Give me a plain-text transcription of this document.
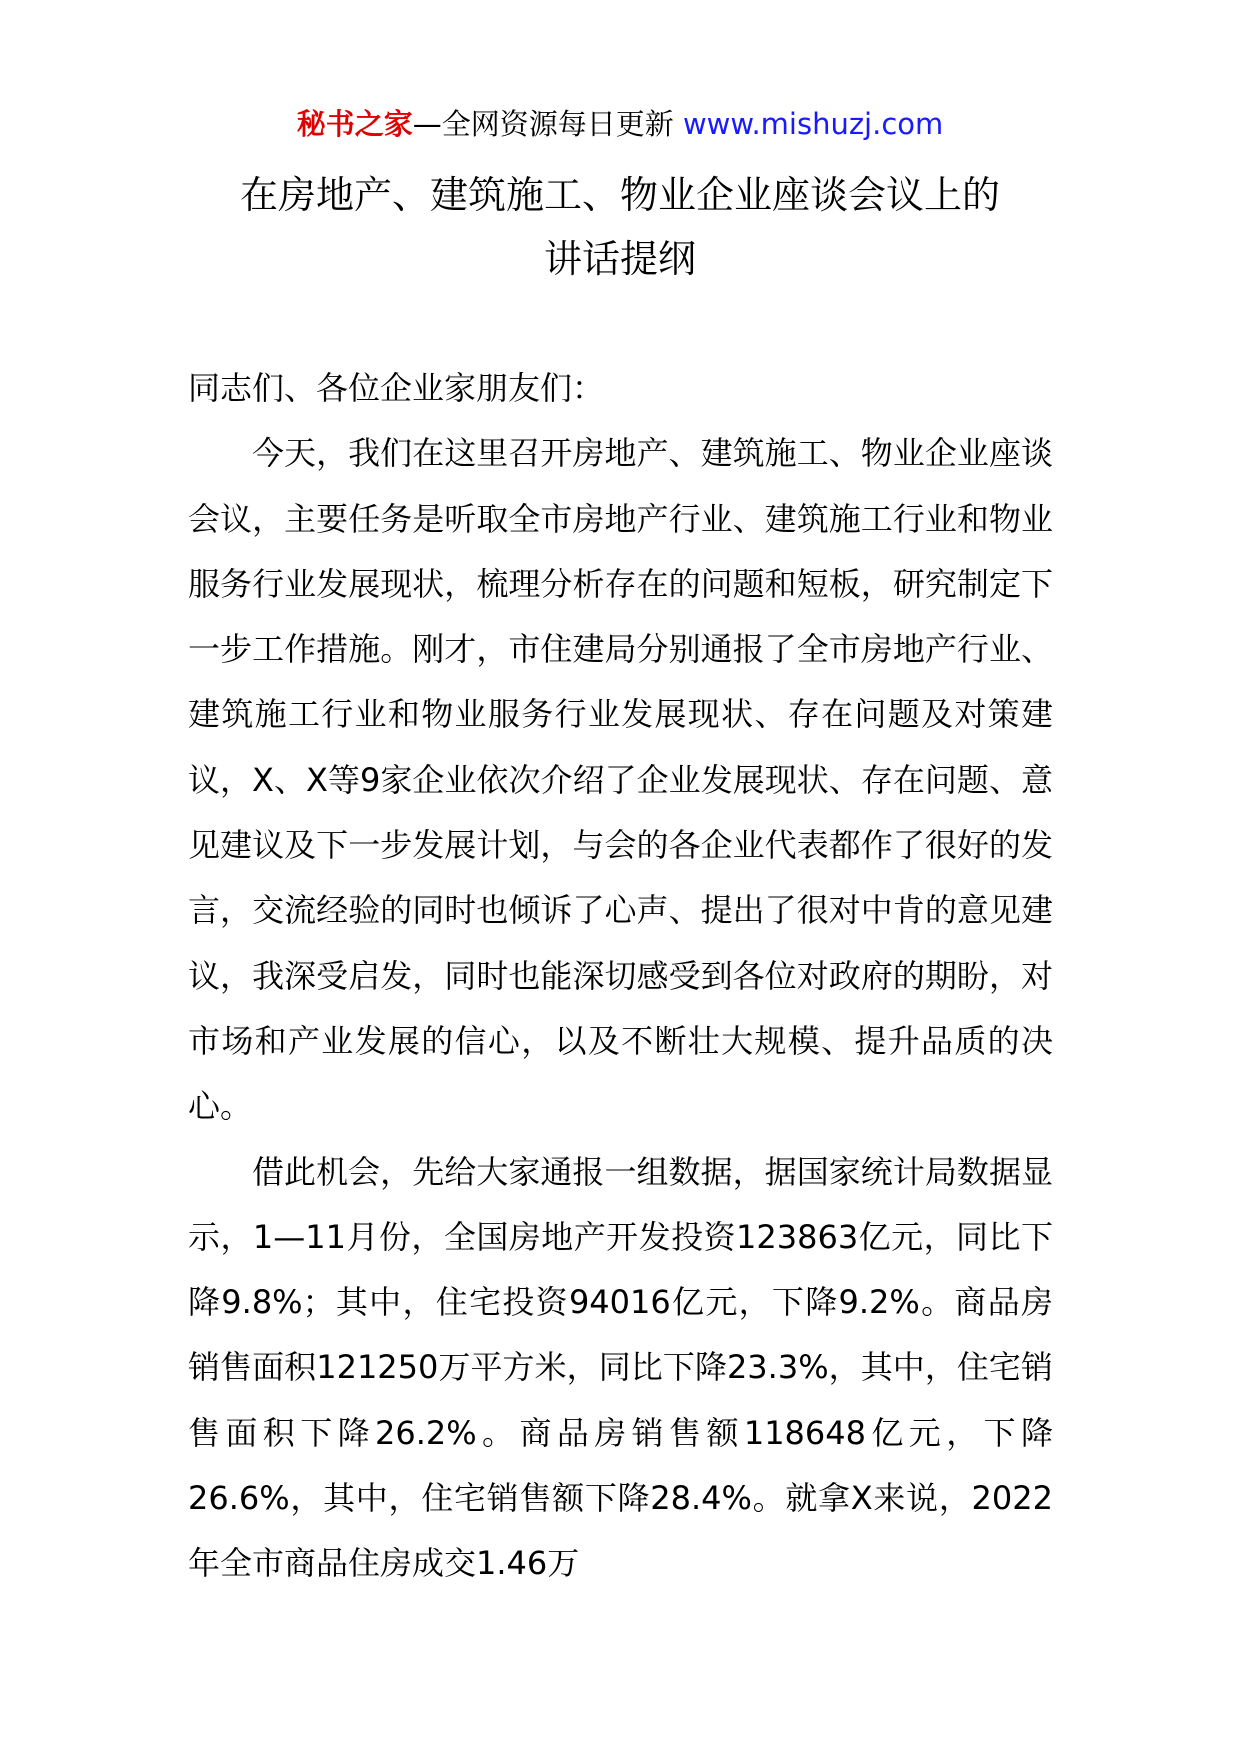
秘书之家—全网资源每日更新 www.mishuzj.com
在房地产、建筑施工、物业企业座谈会议上的
讲话提纲

同志们、各位企业家朋友们：

今天，我们在这里召开房地产、建筑施工、物业企业座谈会议，主要任务是听取全市房地产行业、建筑施工行业和物业服务行业发展现状，梳理分析存在的问题和短板，研究制定下一步工作措施。刚才，市住建局分别通报了全市房地产行业、建筑施工行业和物业服务行业发展现状、存在问题及对策建议，X、X等9家企业依次介绍了企业发展现状、存在问题、意见建议及下一步发展计划，与会的各企业代表都作了很好的发言，交流经验的同时也倾诉了心声、提出了很对中肯的意见建议，我深受启发，同时也能深切感受到各位对政府的期盼，对市场和产业发展的信心，以及不断壮大规模、提升品质的决心。

借此机会，先给大家通报一组数据，据国家统计局数据显示，1—11月份，全国房地产开发投资123863亿元，同比下降9.8%；其中，住宅投资94016亿元，下降9.2%。商品房销售面积121250万平方米，同比下降23.3%，其中，住宅销售面积下降26.2%。商品房销售额118648亿元，下降26.6%，其中，住宅销售额下降28.4%。就拿X来说，2022年全市商品住房成交1.46万
